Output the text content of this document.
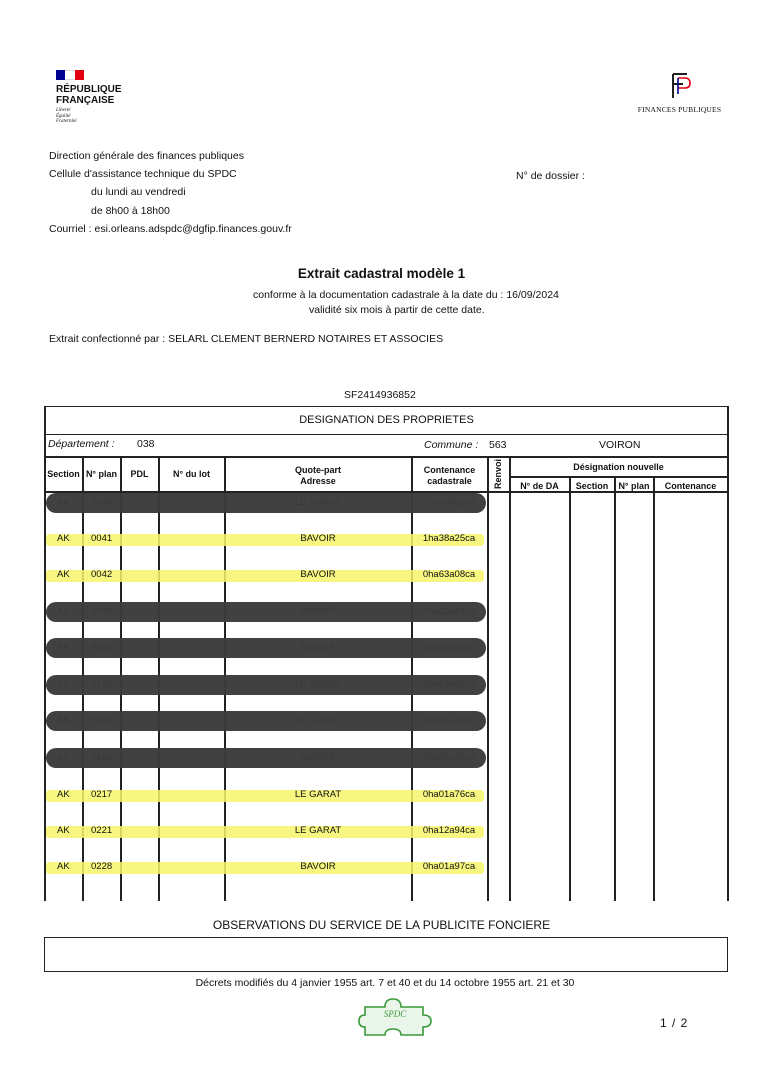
RÉPUBLIQUE
FRANÇAISE
Liberté
Égalité
Fraternité
FINANCES PUBLIQUES
Direction générale des finances publiques
Cellule d'assistance technique du SPDC
du lundi au vendredi
de 8h00 à 18h00
Courriel : esi.orleans.adspdc@dgfip.finances.gouv.fr
N° de dossier :
Extrait cadastral modèle 1
conforme à la documentation cadastrale à la date du : 16/09/2024
validité six mois à partir de cette date.
Extrait confectionné par : SELARL CLEMENT BERNERD NOTAIRES ET ASSOCIES
SF2414936852
DESIGNATION DES PROPRIETES
Département : 038	Commune : 563	VOIRON
Section N° plan	PDL	N° du lot	Quote-part
Adresse
Contenance
cadastrale	Renvoi	Désignation nouvelle
N° de DA	Section	N° plan	Contenance
AK 0041	BAVOIR	1ha38a25ca
AK 0042	BAVOIR	0ha63a08ca
AK 0217	LE GARAT	0ha01a76ca
AK 0221	LE GARAT	0ha12a94ca
AK 0228	BAVOIR	0ha01a97ca
OBSERVATIONS DU SERVICE DE LA PUBLICITE FONCIERE
Décrets modifiés du 4 janvier 1955 art. 7 et 40 et du 14 octobre 1955 art. 21 et 30
SPDC
1 / 2
